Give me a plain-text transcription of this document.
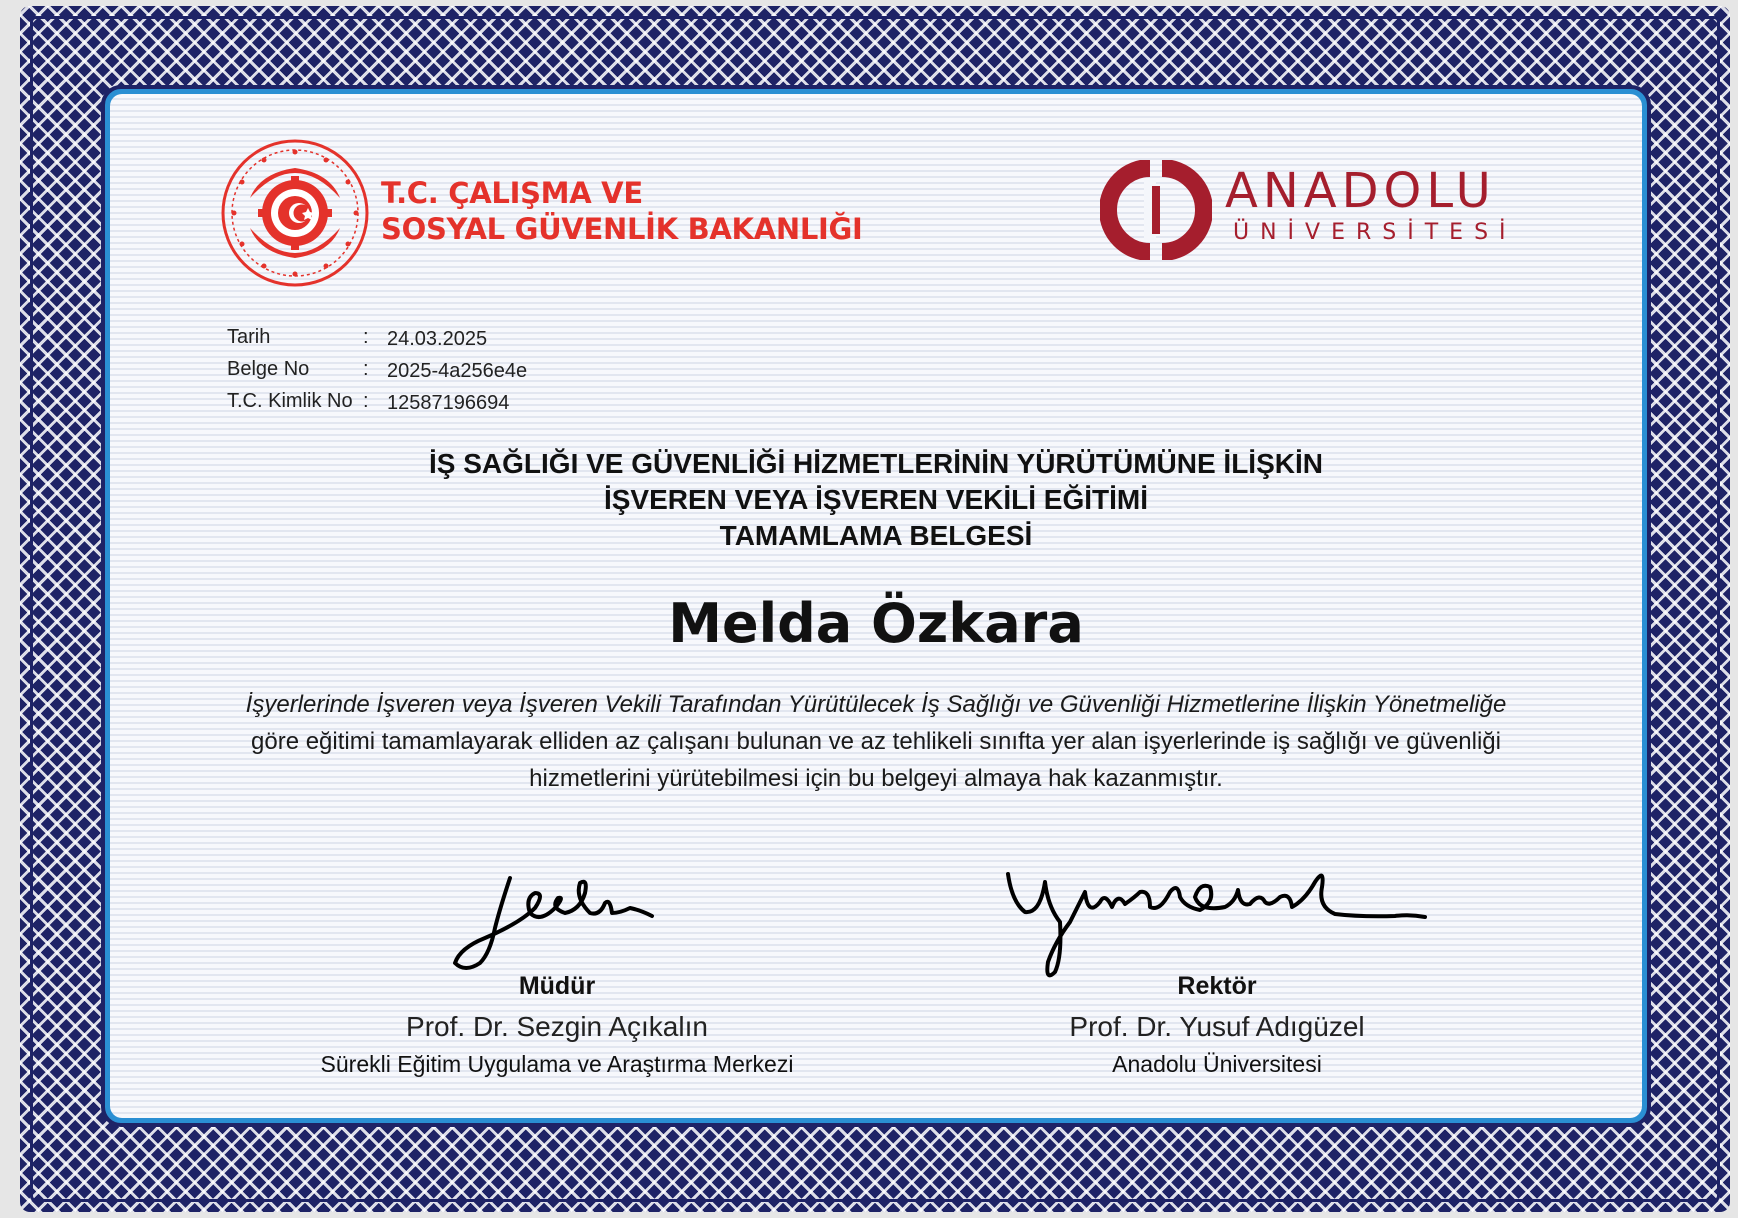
T.C. ÇALIŞMA VE
SOSYAL GÜVENLİK BAKANLIĞI
ANADOLU
ÜNİVERSİTESİ
Tarih	: 24.03.2025
Belge No	: 2025-4a256e4e
T.C. Kimlik No : 12587196694
İŞ SAĞLIĞI VE GÜVENLİĞİ HİZMETLERİNİN YÜRÜTÜMÜNE İLİŞKİN
İŞVEREN VEYA İŞVEREN VEKİLİ EĞİTİMİ
TAMAMLAMA BELGESİ
Melda Özkara
İşyerlerinde İşveren veya İşveren Vekili Tarafından Yürütülecek İş Sağlığı ve Güvenliği Hizmetlerine İlişkin Yönetmeliğe
göre eğitimi tamamlayarak elliden az çalışanı bulunan ve az tehlikeli sınıfta yer alan işyerlerinde iş sağlığı ve güvenliği
hizmetlerini yürütebilmesi için bu belgeyi almaya hak kazanmıştır.
Müdür
Prof. Dr. Sezgin Açıkalın
Sürekli Eğitim Uygulama ve Araştırma Merkezi
Rektör
Prof. Dr. Yusuf Adıgüzel
Anadolu Üniversitesi
